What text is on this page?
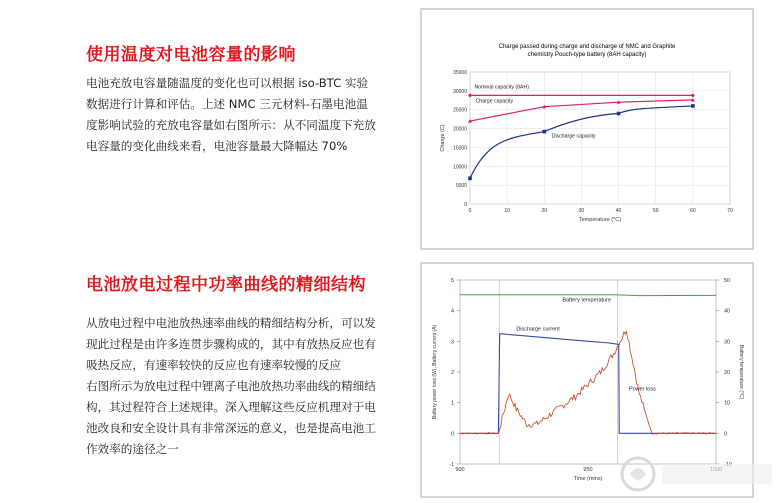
使用温度对电池容量的影响

电池充放电容量随温度的变化也可以根据 iso-BTC 实验

数据进行计算和评估。上述 NMC 三元材料-石墨电池温

度影响试验的充放电容量如右图所示：从不同温度下充放

电容量的变化曲线来看，电池容量最大降幅达 70%

电池放电过程中功率曲线的精细结构

从放电过程中电池放热速率曲线的精细结构分析，可以发

现此过程是由许多连贯步骤构成的，其中有放热反应也有

吸热反应，有速率较快的反应也有速率较慢的反应

右图所示为放电过程中锂离子电池放热功率曲线的精细结

构，其过程符合上述规律。深入理解这些反应机理对于电

池改良和安全设计具有非常深远的意义，也是提高电池工

作效率的途径之一

Charge passed during charge and discharge of NMC and Graphite
chemistry Pouch-type battery (8AH capacity)
0
5000
10000
15000
20000
25000
30000
35000
0	10	20	30	40	50	60	70
Temperature (°C)
Charge (C)
Nominal capacity (8AH)
Charge capacity
Discharge capacity
-1
0
1
2
3
4
5
0
10
20
30
40
50
900	950
Time (mins)
Battery power loss (W), Battery current (A)	Battery temperature (°C)
Battery temperature
Discharge current
Power loss
